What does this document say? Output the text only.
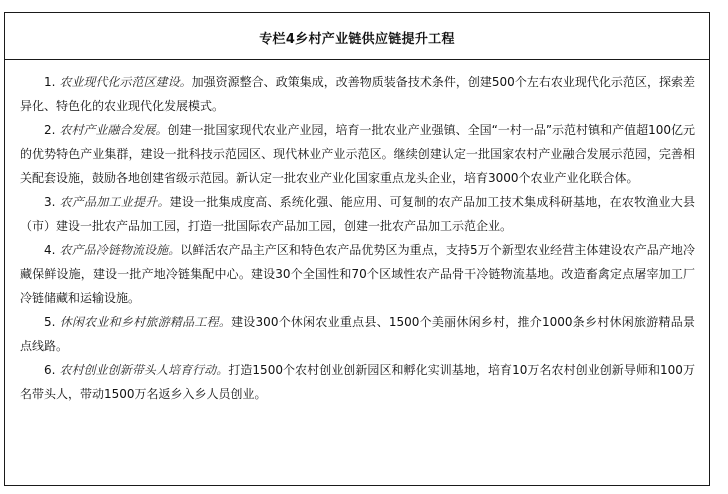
专栏4乡村产业链供应链提升工程

1. 农业现代化示范区建设。加强资源整合、政策集成，改善物质装备技术条件，创建500个左右农业现代化示范区，探索差异化、特色化的农业现代化发展模式。

2. 农村产业融合发展。创建一批国家现代农业产业园，培育一批农业产业强镇、全国“一村一品”示范村镇和产值超100亿元的优势特色产业集群，建设一批科技示范园区、现代林业产业示范区。继续创建认定一批国家农村产业融合发展示范园，完善相关配套设施，鼓励各地创建省级示范园。新认定一批农业产业化国家重点龙头企业，培育3000个农业产业化联合体。

3. 农产品加工业提升。建设一批集成度高、系统化强、能应用、可复制的农产品加工技术集成科研基地，在农牧渔业大县（市）建设一批农产品加工园，打造一批国际农产品加工园，创建一批农产品加工示范企业。

4. 农产品冷链物流设施。以鲜活农产品主产区和特色农产品优势区为重点，支持5万个新型农业经营主体建设农产品产地冷藏保鲜设施，建设一批产地冷链集配中心。建设30个全国性和70个区域性农产品骨干冷链物流基地。改造畜禽定点屠宰加工厂冷链储藏和运输设施。

5. 休闲农业和乡村旅游精品工程。建设300个休闲农业重点县、1500个美丽休闲乡村，推介1000条乡村休闲旅游精品景点线路。

6. 农村创业创新带头人培育行动。打造1500个农村创业创新园区和孵化实训基地，培育10万名农村创业创新导师和100万名带头人，带动1500万名返乡入乡人员创业。
